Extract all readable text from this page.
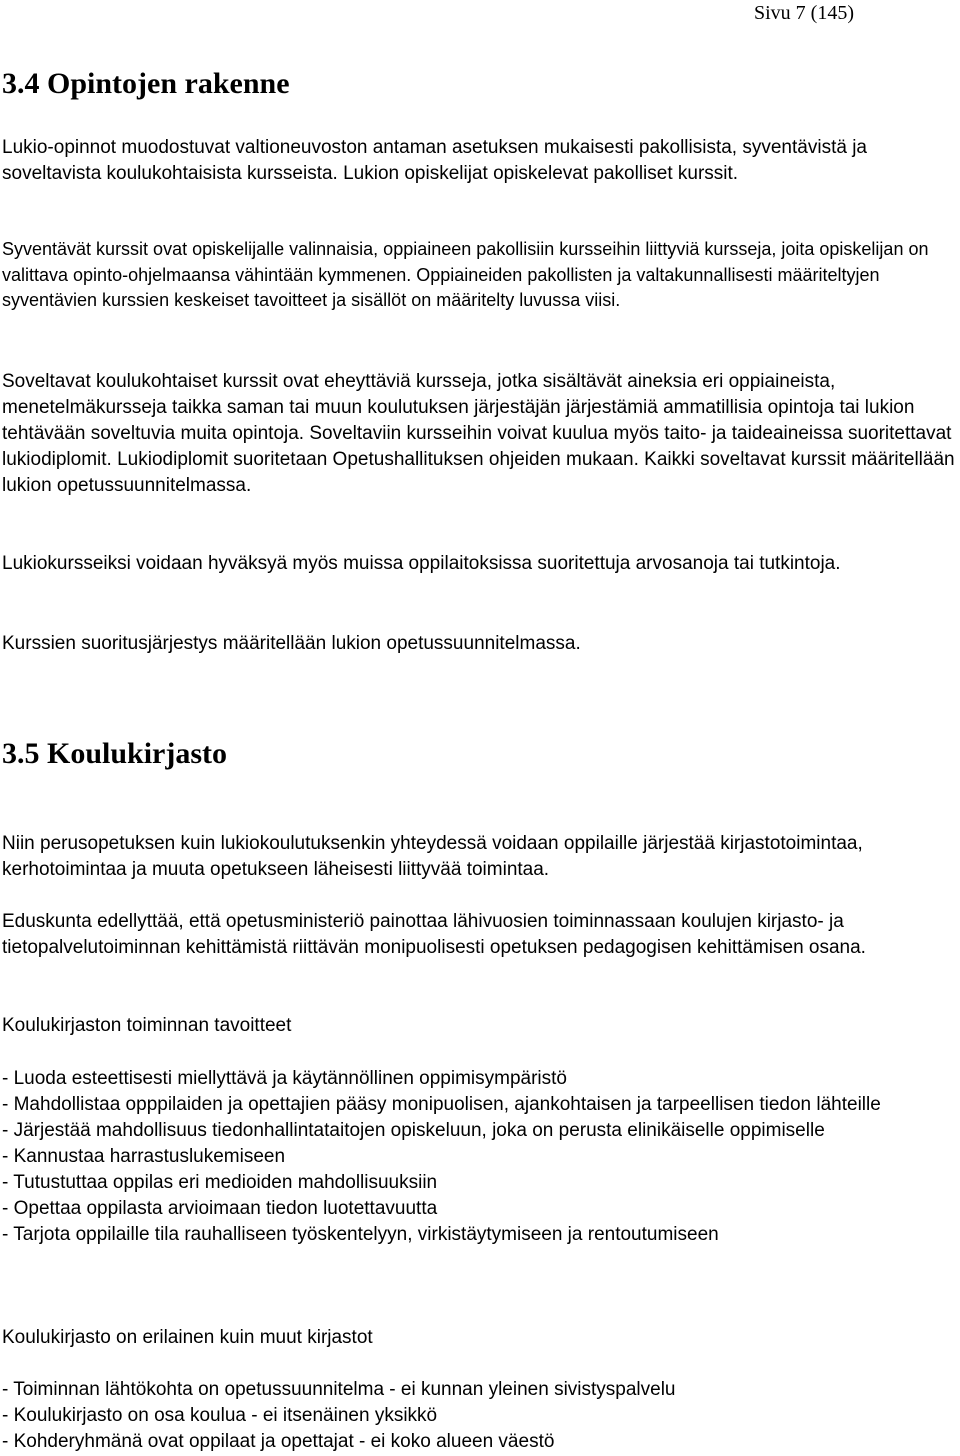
Sivu 7 (145)
3.4 Opintojen rakenne

Lukio-opinnot muodostuvat valtioneuvoston antaman asetuksen mukaisesti pakollisista, syventävistä ja soveltavista koulukohtaisista kursseista. Lukion opiskelijat opiskelevat pakolliset kurssit.

Syventävät kurssit ovat opiskelijalle valinnaisia, oppiaineen pakollisiin kursseihin liittyviä kursseja, joita opiskelijan on valittava opinto-ohjelmaansa vähintään kymmenen. Oppiaineiden pakollisten ja valtakunnallisesti määriteltyjen syventävien kurssien keskeiset tavoitteet ja sisällöt on määritelty luvussa viisi.

Soveltavat koulukohtaiset kurssit ovat eheyttäviä kursseja, jotka sisältävät aineksia eri oppiaineista, menetelmäkursseja taikka saman tai muun koulutuksen järjestäjän järjestämiä ammatillisia opintoja tai lukion tehtävään soveltuvia muita opintoja. Soveltaviin kursseihin voivat kuulua myös taito- ja taideaineissa suoritettavat lukiodiplomit. Lukiodiplomit suoritetaan Opetushallituksen ohjeiden mukaan. Kaikki soveltavat kurssit määritellään lukion opetussuunnitelmassa.

Lukiokursseiksi voidaan hyväksyä myös muissa oppilaitoksissa suoritettuja arvosanoja tai tutkintoja.

Kurssien suoritusjärjestys määritellään lukion opetussuunnitelmassa.

3.5 Koulukirjasto

Niin perusopetuksen kuin lukiokoulutuksenkin yhteydessä voidaan oppilaille järjestää kirjastotoimintaa, kerhotoimintaa ja muuta opetukseen läheisesti liittyvää toimintaa.

Eduskunta edellyttää, että opetusministeriö painottaa lähivuosien toiminnassaan koulujen kirjasto- ja tietopalvelutoiminnan kehittämistä riittävän monipuolisesti opetuksen pedagogisen kehittämisen osana.

Koulukirjaston toiminnan tavoitteet

- Luoda esteettisesti miellyttävä ja käytännöllinen oppimisympäristö
- Mahdollistaa opppilaiden ja opettajien pääsy monipuolisen, ajankohtaisen ja tarpeellisen tiedon lähteille
- Järjestää mahdollisuus tiedonhallintataitojen opiskeluun, joka on perusta elinikäiselle oppimiselle
- Kannustaa harrastuslukemiseen
- Tutustuttaa oppilas eri medioiden mahdollisuuksiin
- Opettaa oppilasta arvioimaan tiedon luotettavuutta
- Tarjota oppilaille tila rauhalliseen työskentelyyn, virkistäytymiseen ja rentoutumiseen

Koulukirjasto on erilainen kuin muut kirjastot

- Toiminnan lähtökohta on opetussuunnitelma - ei kunnan yleinen sivistyspalvelu
- Koulukirjasto on osa koulua - ei itsenäinen yksikkö
- Kohderyhmänä ovat oppilaat ja opettajat - ei koko alueen väestö
